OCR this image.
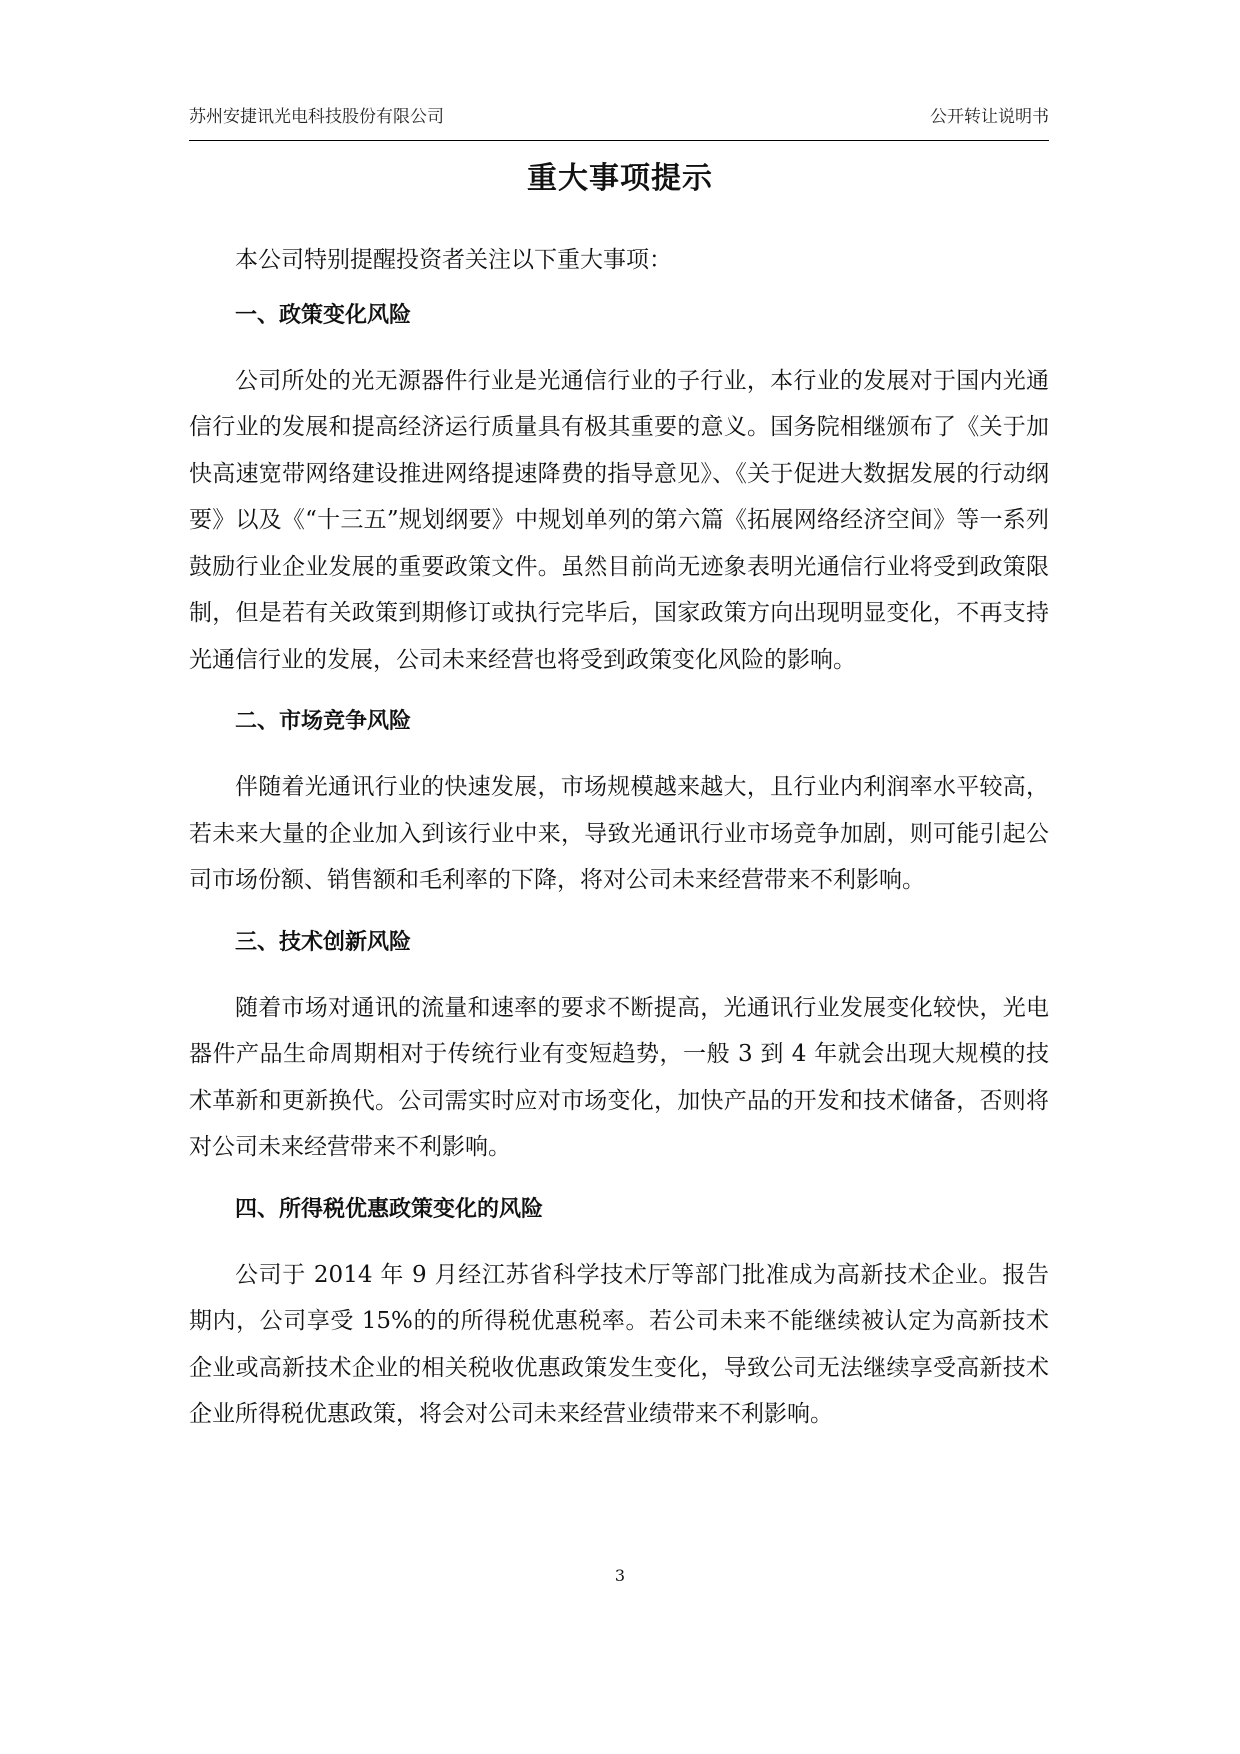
苏州安捷讯光电科技股份有限公司	公开转让说明书
重大事项提示

本公司特别提醒投资者关注以下重大事项：

一、政策变化风险

公司所处的光无源器件行业是光通信行业的子行业，本行业的发展对于国内光通信行业的发展和提高经济运行质量具有极其重要的意义。国务院相继颁布了《关于加快高速宽带网络建设推进网络提速降费的指导意见》、《关于促进大数据发展的行动纲要》以及《“十三五”规划纲要》中规划单列的第六篇《拓展网络经济空间》等一系列鼓励行业企业发展的重要政策文件。虽然目前尚无迹象表明光通信行业将受到政策限制，但是若有关政策到期修订或执行完毕后，国家政策方向出现明显变化，不再支持光通信行业的发展，公司未来经营也将受到政策变化风险的影响。

二、市场竞争风险

伴随着光通讯行业的快速发展，市场规模越来越大，且行业内利润率水平较高，若未来大量的企业加入到该行业中来，导致光通讯行业市场竞争加剧，则可能引起公司市场份额、销售额和毛利率的下降，将对公司未来经营带来不利影响。

三、技术创新风险

随着市场对通讯的流量和速率的要求不断提高，光通讯行业发展变化较快，光电器件产品生命周期相对于传统行业有变短趋势，一般 3 到 4 年就会出现大规模的技术革新和更新换代。公司需实时应对市场变化，加快产品的开发和技术储备，否则将对公司未来经营带来不利影响。

四、所得税优惠政策变化的风险

公司于 2014 年 9 月经江苏省科学技术厅等部门批准成为高新技术企业。报告期内，公司享受 15%的的所得税优惠税率。若公司未来不能继续被认定为高新技术企业或高新技术企业的相关税收优惠政策发生变化，导致公司无法继续享受高新技术企业所得税优惠政策，将会对公司未来经营业绩带来不利影响。

3
